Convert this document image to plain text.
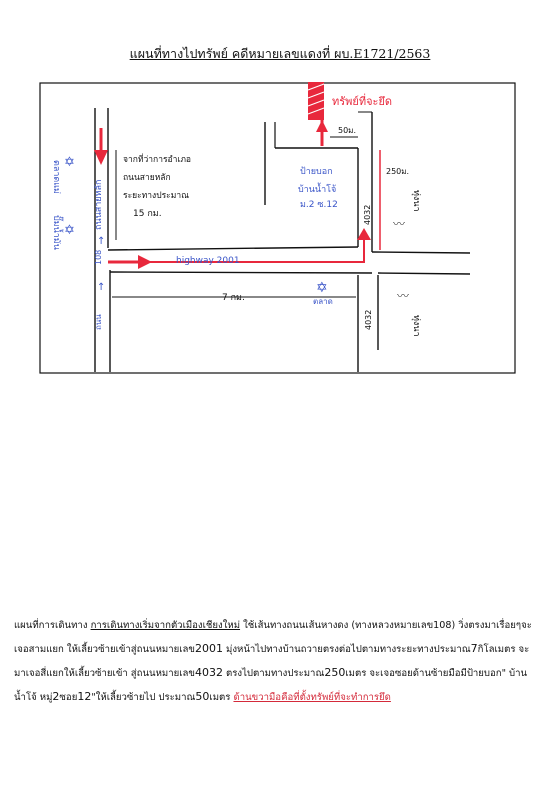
แผนที่ทางไปทรัพย์ คดีหมายเลขแดงที่ ผบ.E1721/2563
ทรัพย์ที่จะยึด
50ม.
250ม.
ป้ายบอก
บ้านน้ำโจ้
ม.2 ซ.12	4032
4032
highway 2001
7 กม.
✡
ตลาด
ตลาดแม่
ปั๊มน้ำมัน
✡
✡
ถนนสายหลัก
108
ถนน
↑
↑
จากที่ว่าการอำเภอ
ถนนสายหลัก
ระยะทางประมาณ
15 กม.
〰
ทุ่งนา
〰
ทุ่งนา
แผนที่การเดินทาง การเดินทางเริ่มจากตัวเมืองเชียงใหม่ ใช้เส้นทางถนนเส้นหางดง (ทางหลวงหมายเลข108) วิ่งตรงมาเรื่อยๆจะเจอสามแยก ให้เลี้ยวซ้ายเข้าสู่ถนนหมายเลข2001 มุ่งหน้าไปทางบ้านถวายตรงต่อไปตามทางระยะทางประมาณ7กิโลเมตร จะมาเจอสี่แยกให้เลี้ยวซ้ายเข้า สู่ถนนหมายเลข4032 ตรงไปตามทางประมาณ250เมตร จะเจอซอยด้านซ้ายมือมีป้ายบอก" บ้านน้ำโจ้ หมู่2ซอย12"ให้เลี้ยวซ้ายไป ประมาณ50เมตร ด้านขวามือคือที่ตั้งทรัพย์ที่จะทำการยึด
